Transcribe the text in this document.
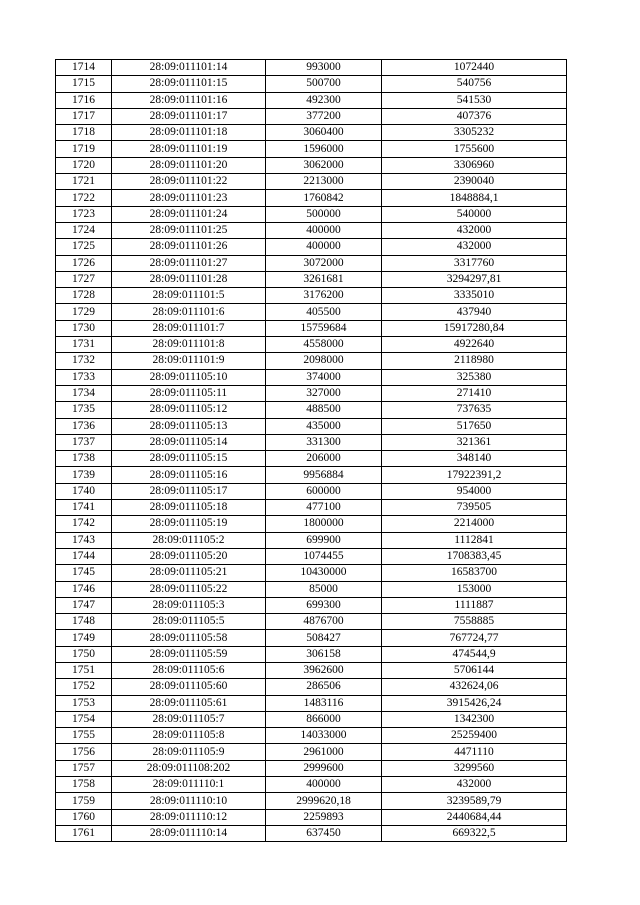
1714	28:09:011101:14	993000	1072440
1715	28:09:011101:15	500700	540756
1716	28:09:011101:16	492300	541530
1717	28:09:011101:17	377200	407376
1718	28:09:011101:18	3060400	3305232
1719	28:09:011101:19	1596000	1755600
1720	28:09:011101:20	3062000	3306960
1721	28:09:011101:22	2213000	2390040
1722	28:09:011101:23	1760842	1848884,1
1723	28:09:011101:24	500000	540000
1724	28:09:011101:25	400000	432000
1725	28:09:011101:26	400000	432000
1726	28:09:011101:27	3072000	3317760
1727	28:09:011101:28	3261681	3294297,81
1728	28:09:011101:5	3176200	3335010
1729	28:09:011101:6	405500	437940
1730	28:09:011101:7	15759684	15917280,84
1731	28:09:011101:8	4558000	4922640
1732	28:09:011101:9	2098000	2118980
1733	28:09:011105:10	374000	325380
1734	28:09:011105:11	327000	271410
1735	28:09:011105:12	488500	737635
1736	28:09:011105:13	435000	517650
1737	28:09:011105:14	331300	321361
1738	28:09:011105:15	206000	348140
1739	28:09:011105:16	9956884	17922391,2
1740	28:09:011105:17	600000	954000
1741	28:09:011105:18	477100	739505
1742	28:09:011105:19	1800000	2214000
1743	28:09:011105:2	699900	1112841
1744	28:09:011105:20	1074455	1708383,45
1745	28:09:011105:21	10430000	16583700
1746	28:09:011105:22	85000	153000
1747	28:09:011105:3	699300	1111887
1748	28:09:011105:5	4876700	7558885
1749	28:09:011105:58	508427	767724,77
1750	28:09:011105:59	306158	474544,9
1751	28:09:011105:6	3962600	5706144
1752	28:09:011105:60	286506	432624,06
1753	28:09:011105:61	1483116	3915426,24
1754	28:09:011105:7	866000	1342300
1755	28:09:011105:8	14033000	25259400
1756	28:09:011105:9	2961000	4471110
1757	28:09:011108:202	2999600	3299560
1758	28:09:011110:1	400000	432000
1759	28:09:011110:10	2999620,18	3239589,79
1760	28:09:011110:12	2259893	2440684,44
1761	28:09:011110:14	637450	669322,5
